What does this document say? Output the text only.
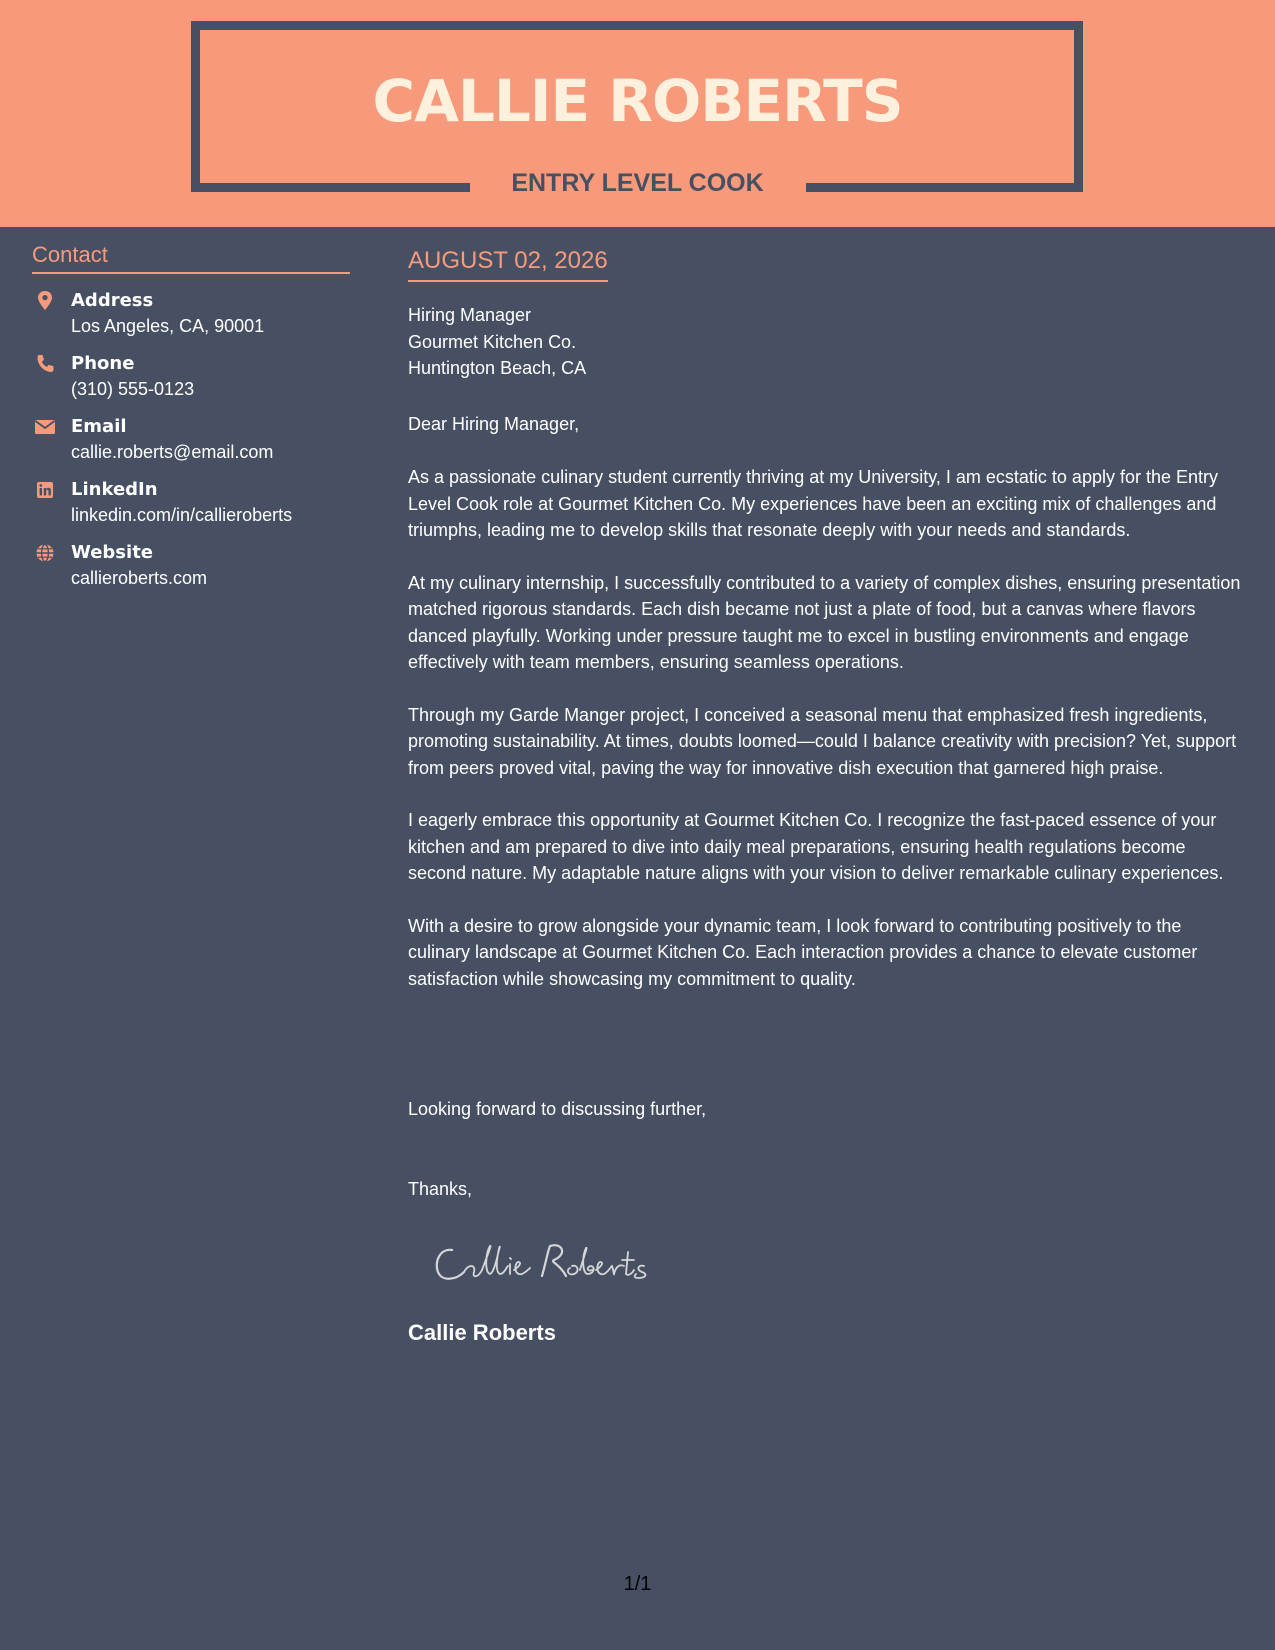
CALLIE ROBERTS
ENTRY LEVEL COOK
Contact
Address
Los Angeles, CA, 90001
Phone
(310) 555-0123
Email
callie.roberts@email.com
LinkedIn
linkedin.com/in/callieroberts
Website
callieroberts.com
AUGUST 02, 2026
Hiring Manager
Gourmet Kitchen Co.
Huntington Beach, CA
Dear Hiring Manager,

As a passionate culinary student currently thriving at my University, I am ecstatic to apply for the Entry Level Cook role at Gourmet Kitchen Co. My experiences have been an exciting mix of challenges and triumphs, leading me to develop skills that resonate deeply with your needs and standards.

At my culinary internship, I successfully contributed to a variety of complex dishes, ensuring presentation matched rigorous standards. Each dish became not just a plate of food, but a canvas where flavors danced playfully. Working under pressure taught me to excel in bustling environments and engage effectively with team members, ensuring seamless operations.

Through my Garde Manger project, I conceived a seasonal menu that emphasized fresh ingredients, promoting sustainability. At times, doubts loomed—could I balance creativity with precision? Yet, support from peers proved vital, paving the way for innovative dish execution that garnered high praise.

I eagerly embrace this opportunity at Gourmet Kitchen Co. I recognize the fast-paced essence of your kitchen and am prepared to dive into daily meal preparations, ensuring health regulations become second nature. My adaptable nature aligns with your vision to deliver remarkable culinary experiences.

With a desire to grow alongside your dynamic team, I look forward to contributing positively to the culinary landscape at Gourmet Kitchen Co. Each interaction provides a chance to elevate customer satisfaction while showcasing my commitment to quality.

Looking forward to discussing further,
Thanks,
Callie Roberts
1/1
